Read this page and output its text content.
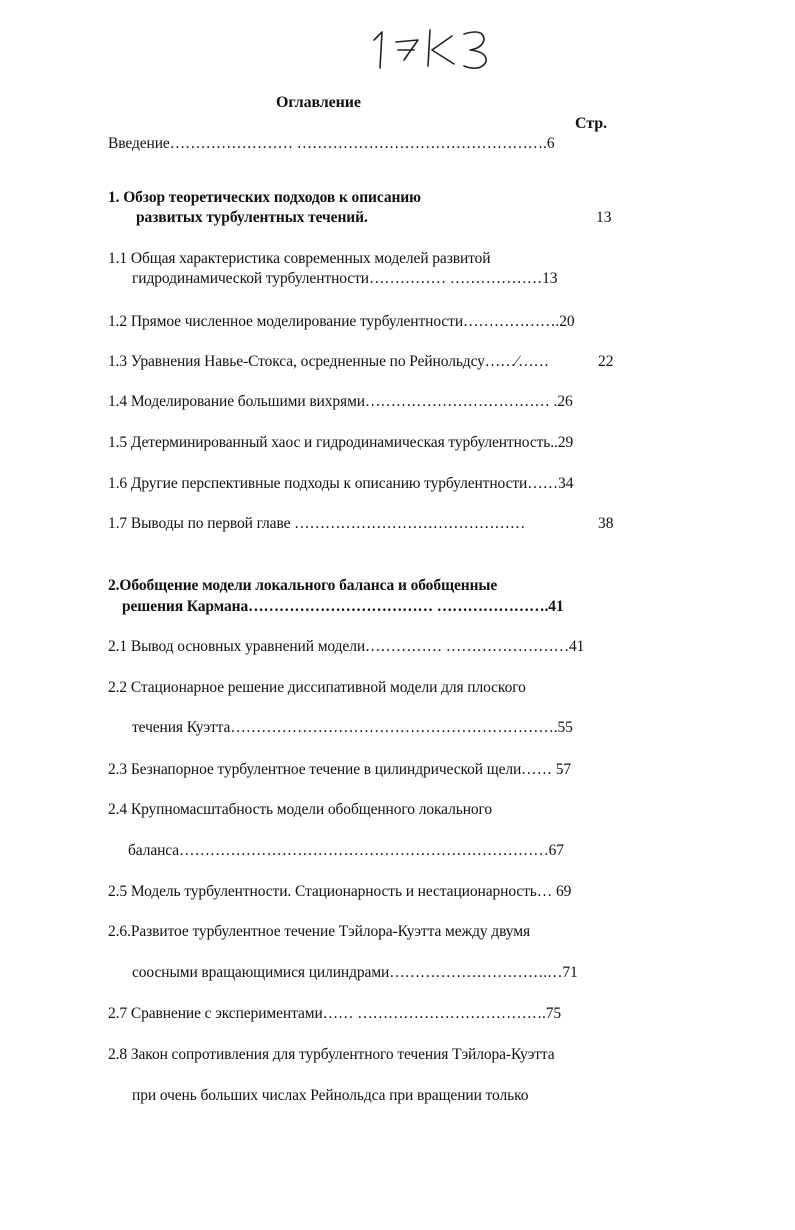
Оглавление
Стр.
Введение…………………… ………………………………………….6
1. Обзор теоретических подходов к описанию
развитых турбулентных течений.	13
1.1 Общая характеристика современных моделей развитой
гидродинамической турбулентности…………… ………………13
1.2 Прямое численное моделирование турбулентности……………….20
1.3 Уравнения Навье-Стокса, осредненные по Рейнольдсу……⁄……	22
1.4 Моделирование большими вихрями……………………………… .26
1.5 Детерминированный хаос и гидродинамическая турбулентность..29
1.6 Другие перспективные подходы к описанию турбулентности……34
1.7 Выводы по первой главе ………………………………………	38
2.Обобщение модели локального баланса и обобщенные
решения Кармана……………………………… ………………….41
2.1 Вывод основных уравнений модели…………… ……………………41
2.2 Стационарное решение диссипативной модели для плоского
течения Куэтта……………………………………………………….55
2.3 Безнапорное турбулентное течение в цилиндрической щели…… 57
2.4 Крупномасштабность модели обобщенного локального
баланса………………………………………………………………67
2.5 Модель турбулентности. Стационарность и нестационарность… 69
2.6.Развитое турбулентное течение Тэйлора-Куэтта между двумя
соосными вращающимися цилиндрами………………………….…71
2.7 Сравнение с экспериментами…… ……………………………….75
2.8 Закон сопротивления для турбулентного течения Тэйлора-Куэтта
при очень больших числах Рейнольдса при вращении только
